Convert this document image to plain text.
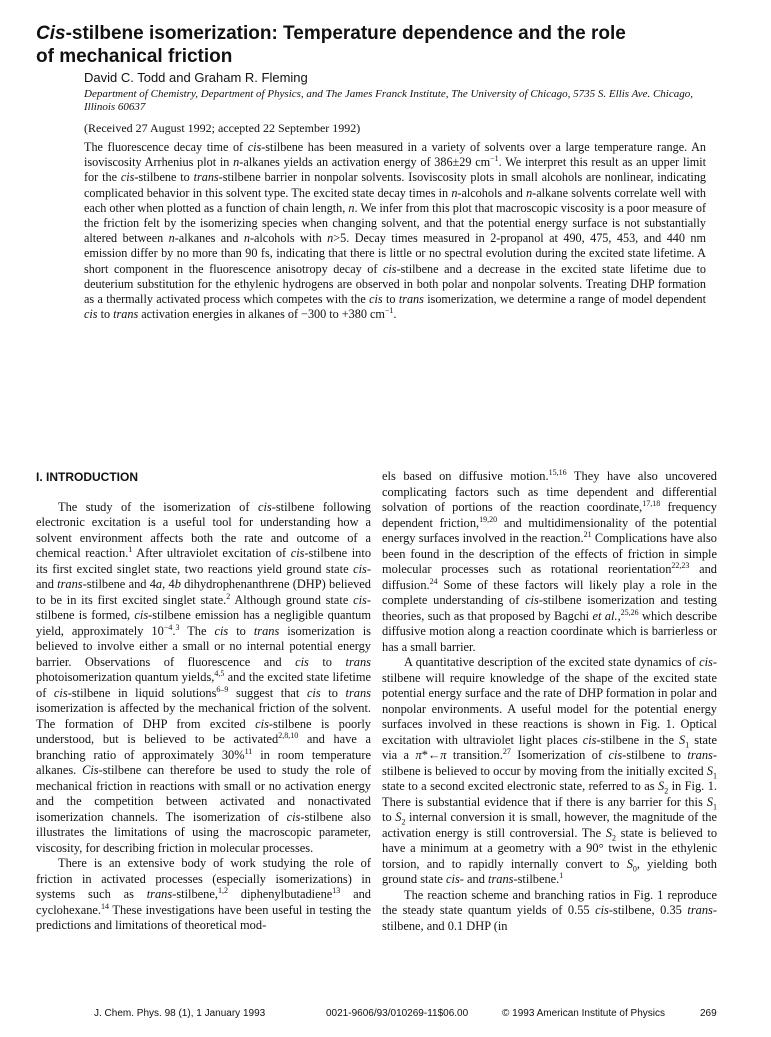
Cis-stilbene isomerization: Temperature dependence and the role
of mechanical friction
David C. Todd and Graham R. Fleming
Department of Chemistry, Department of Physics, and The James Franck Institute, The University of Chicago, 5735 S. Ellis Ave. Chicago, Illinois 60637
(Received 27 August 1992; accepted 22 September 1992)
The fluorescence decay time of cis-stilbene has been measured in a variety of solvents over a large temperature range. An isoviscosity Arrhenius plot in n-alkanes yields an activation energy of 386±29 $cm^{-1}$. We interpret this result as an upper limit for the cis-stilbene to trans-stilbene barrier in nonpolar solvents. Isoviscosity plots in small alcohols are nonlinear, indicating complicated behavior in this solvent type. The excited state decay times in n-alcohols and n-alkane solvents correlate well with each other when plotted as a function of chain length, n. We infer from this plot that macroscopic viscosity is a poor measure of the friction felt by the isomerizing species when changing solvent, and that the potential energy surface is not substantially altered between n-alkanes and n-alcohols with n>5. Decay times measured in 2-propanol at 490, 475, 453, and 440 nm emission differ by no more than 90 fs, indicating that there is little or no spectral evolution during the excited state lifetime. A short component in the fluorescence anisotropy decay of cis-stilbene and a decrease in the excited state lifetime due to deuterium substitution for the ethylenic hydrogens are observed in both polar and nonpolar solvents. Treating DHP formation as a thermally activated process which competes with the cis to trans isomerization, we determine a range of model dependent cis to trans activation energies in alkanes of −300 to +380 $cm^{-1}$.
I. INTRODUCTION

The study of the isomerization of cis-stilbene following electronic excitation is a useful tool for understanding how a solvent environment affects both the rate and outcome of a chemical reaction.$^1$ After ultraviolet excitation of cis-stilbene into its first excited singlet state, two reactions yield ground state cis- and trans-stilbene and 4a, 4b dihydrophenanthrene (DHP) believed to be in its first excited singlet state.$^2$ Although ground state cis-stilbene is formed, cis-stilbene emission has a negligible quantum yield, approximately $10^{-4}.^3$ The cis to trans isomerization is believed to involve either a small or no internal potential energy barrier. Observations of fluorescence and cis to trans photoisomerization quantum yields,$^{4,5}$ and the excited state lifetime of cis-stilbene in liquid solutions$^{6-9}$ suggest that cis to trans isomerization is affected by the mechanical friction of the solvent. The formation of DHP from excited cis-stilbene is poorly understood, but is believed to be activated$^{2,8,10}$ and have a branching ratio of approximately 30%$^{11}$ in room temperature alkanes. Cis-stilbene can therefore be used to study the role of mechanical friction in reactions with small or no activation energy and the competition between activated and nonactivated isomerization channels. The isomerization of cis-stilbene also illustrates the limitations of using the macroscopic parameter, viscosity, for describing friction in molecular processes.

There is an extensive body of work studying the role of friction in activated processes (especially isomerizations) in systems such as trans-stilbene,$^{1,2}$ diphenylbutadiene$^{13}$ and cyclohexane.$^{14}$ These investigations have been useful in testing the predictions and limitations of theoretical mod-

els based on diffusive motion.$^{15,16}$ They have also uncovered complicating factors such as time dependent and differential solvation of portions of the reaction coordinate,$^{17,18}$ frequency dependent friction,$^{19,20}$ and multidimensionality of the potential energy surfaces involved in the reaction.$^{21}$ Complications have also been found in the description of the effects of friction in simple molecular processes such as rotational reorientation$^{22,23}$ and diffusion.$^{24}$ Some of these factors will likely play a role in the complete understanding of cis-stilbene isomerization and testing theories, such as that proposed by Bagchi et al.,$^{25,26}$ which describe diffusive motion along a reaction coordinate which is barrierless or has a small barrier.

A quantitative description of the excited state dynamics of cis-stilbene will require knowledge of the shape of the excited state potential energy surface and the rate of DHP formation in polar and nonpolar environments. A useful model for the potential energy surfaces involved in these reactions is shown in Fig. 1. Optical excitation with ultraviolet light places cis-stilbene in the $S_1$ state via a π*←π transition.$^{27}$ Isomerization of cis-stilbene to trans-stilbene is believed to occur by moving from the initially excited $S_1$ state to a second excited electronic state, referred to as $S_2$ in Fig. 1. There is substantial evidence that if there is any barrier for this $S_1$ to $S_2$ internal conversion it is small, however, the magnitude of the activation energy is still controversial. The $S_2$ state is believed to have a minimum at a geometry with a 90° twist in the ethylenic torsion, and to rapidly internally convert to $S_0$, yielding both ground state cis- and trans-stilbene.$^1$

The reaction scheme and branching ratios in Fig. 1 reproduce the steady state quantum yields of 0.55 cis-stilbene, 0.35 trans-stilbene, and 0.1 DHP (in

J. Chem. Phys. 98 (1), 1 January 1993	0021-9606/93/010269-11$06.00	© 1993 American Institute of Physics	269
